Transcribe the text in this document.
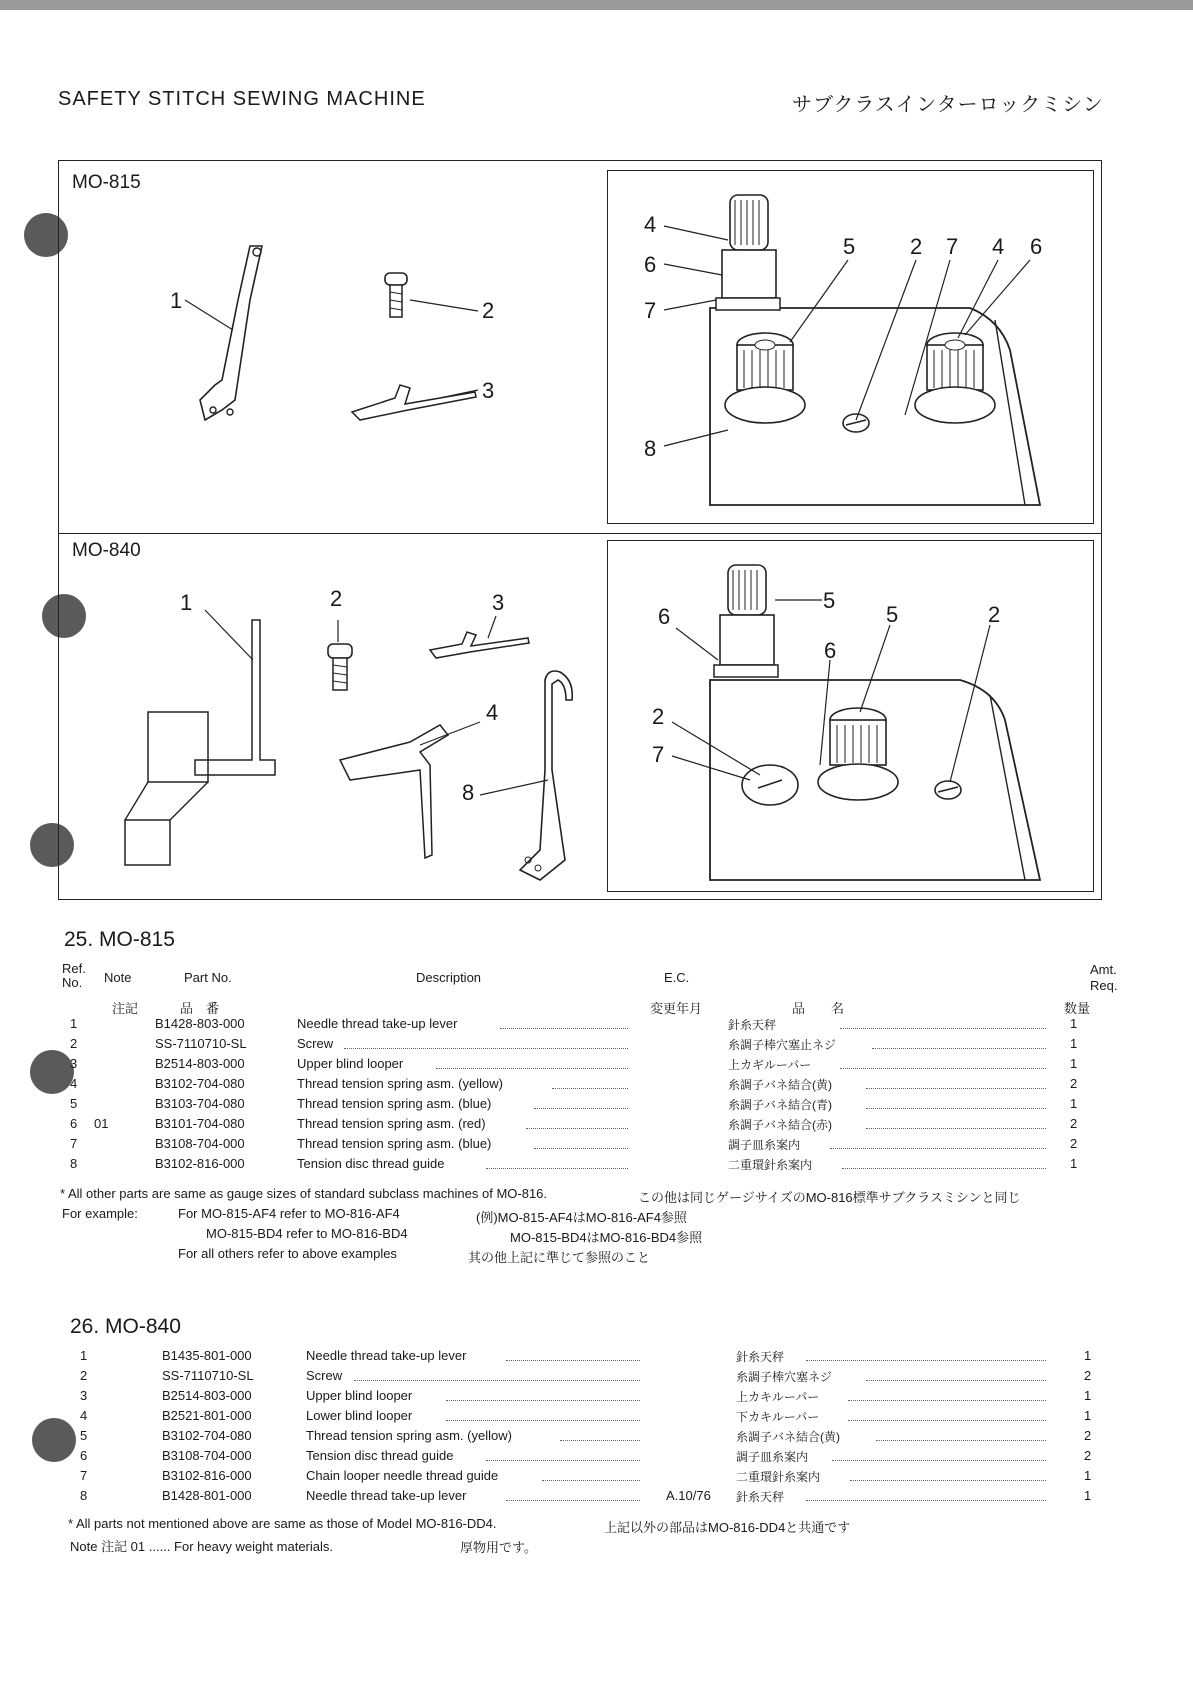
SAFETY STITCH SEWING MACHINE	サブクラスインターロックミシン
MO-815
1	2
3
4
6
7
8
5 2 7 4 6
MO-840
1	2	3
4
8
6
2
7
5
6
5	2
25. MO-815
Ref. No.	Note	Part No.	Description	E.C.
Amt. Req.
注記	品　番	変更年月	品　　名	数量
1	B1428-803-000	Needle thread take-up lever	針糸天秤	1
2	SS-7110710-SL	Screw	糸調子棒穴塞止ネジ	1
3	B2514-803-000	Upper blind looper	上カギルーパー	1
4	B3102-704-080	Thread tension spring asm. (yellow)	糸調子バネ結合(黄)	2
5	B3103-704-080	Thread tension spring asm. (blue)	糸調子バネ結合(青)	1
6 01	B3101-704-080	Thread tension spring asm. (red)	糸調子バネ結合(赤)	2
7	B3108-704-000	Thread tension spring asm. (blue)	調子皿糸案内	2
8	B3102-816-000	Tension disc thread guide	二重環針糸案内	1
* All other parts are same as gauge sizes of standard subclass machines of MO-816.	この他は同じゲージサイズのMO-816標準サブクラスミシンと同じ
For example:	For MO-815-AF4 refer to MO-816-AF4	(例)MO-815-AF4はMO-816-AF4参照
MO-815-BD4 refer to MO-816-BD4	MO-815-BD4はMO-816-BD4参照
For all others refer to above examples	其の他上記に準じて参照のこと
26. MO-840
1	B1435-801-000	Needle thread take-up lever	針糸天秤	1
2	SS-7110710-SL	Screw	糸調子棒穴塞ネジ	2
3	B2514-803-000	Upper blind looper	上カキルーパー	1
4	B2521-801-000	Lower blind looper	下カキルーパー	1
5	B3102-704-080	Thread tension spring asm. (yellow)	糸調子バネ結合(黄)	2
6	B3108-704-000	Tension disc thread guide	調子皿糸案内	2
7	B3102-816-000	Chain looper needle thread guide	二重環針糸案内	1
8	B1428-801-000	Needle thread take-up lever	A.10/76 針糸天秤	1
* All parts not mentioned above are same as those of Model MO-816-DD4.	上記以外の部品はMO-816-DD4と共通です
Note 注記 01 ...... For heavy weight materials.	厚物用です。
